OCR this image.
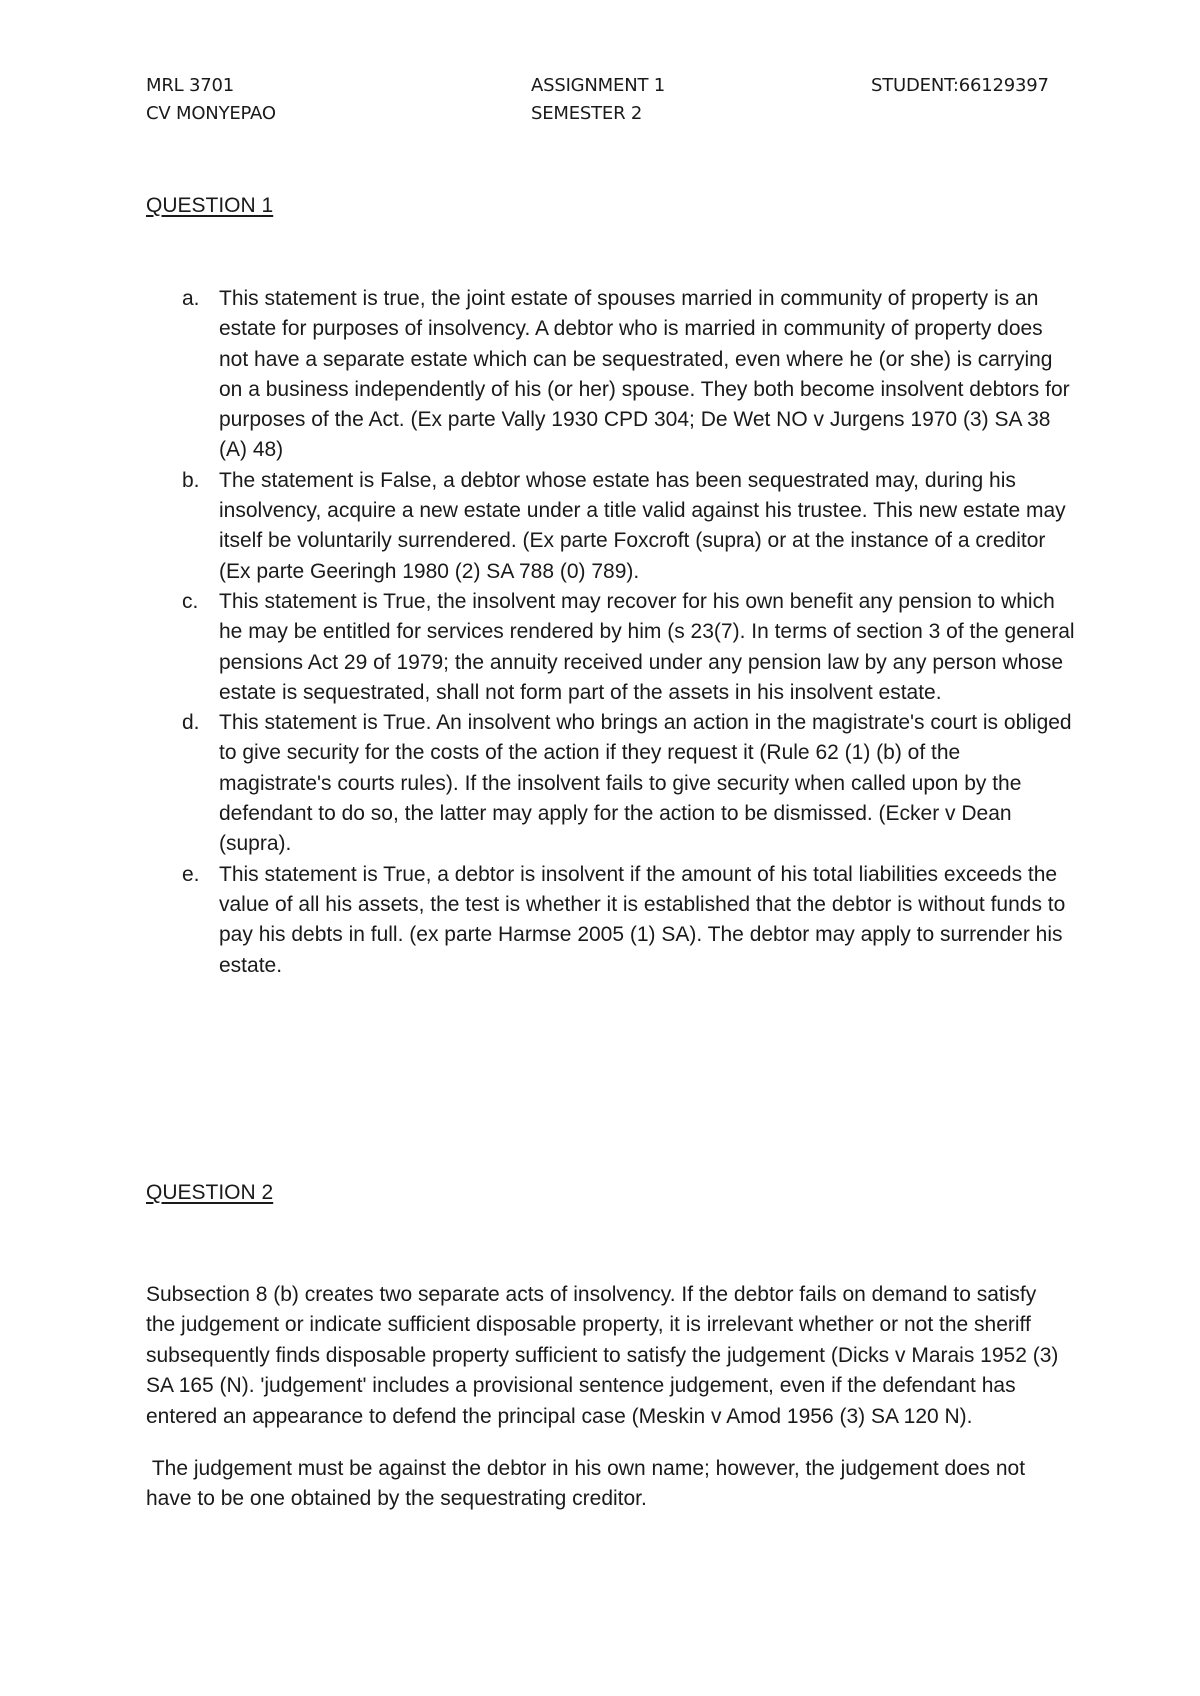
MRL 3701
CV MONYEPAO
ASSIGNMENT 1
SEMESTER 2
STUDENT:66129397
QUESTION 1
a. This statement is true, the joint estate of spouses married in community of property is an estate for purposes of insolvency. A debtor who is married in community of property does not have a separate estate which can be sequestrated, even where he (or she) is carrying on a business independently of his (or her) spouse. They both become insolvent debtors for purposes of the Act. (Ex parte Vally 1930 CPD 304; De Wet NO v Jurgens 1970 (3) SA 38 (A) 48)
b. The statement is False, a debtor whose estate has been sequestrated may, during his insolvency, acquire a new estate under a title valid against his trustee. This new estate may itself be voluntarily surrendered. (Ex parte Foxcroft (supra) or at the instance of a creditor (Ex parte Geeringh 1980 (2) SA 788 (0) 789).
c. This statement is True, the insolvent may recover for his own benefit any pension to which he may be entitled for services rendered by him (s 23(7). In terms of section 3 of the general pensions Act 29 of 1979; the annuity received under any pension law by any person whose estate is sequestrated, shall not form part of the assets in his insolvent estate.
d. This statement is True. An insolvent who brings an action in the magistrate's court is obliged to give security for the costs of the action if they request it (Rule 62 (1) (b) of the magistrate's courts rules). If the insolvent fails to give security when called upon by the defendant to do so, the latter may apply for the action to be dismissed. (Ecker v Dean (supra).
e. This statement is True, a debtor is insolvent if the amount of his total liabilities exceeds the value of all his assets, the test is whether it is established that the debtor is without funds to pay his debts in full. (ex parte Harmse 2005 (1) SA). The debtor may apply to surrender his estate.
QUESTION 2

Subsection 8 (b) creates two separate acts of insolvency. If the debtor fails on demand to satisfy the judgement or indicate sufficient disposable property, it is irrelevant whether or not the sheriff subsequently finds disposable property sufficient to satisfy the judgement (Dicks v Marais 1952 (3) SA 165 (N). 'judgement' includes a provisional sentence judgement, even if the defendant has entered an appearance to defend the principal case (Meskin v Amod 1956 (3) SA 120 N).

The judgement must be against the debtor in his own name; however, the judgement does not have to be one obtained by the sequestrating creditor.
